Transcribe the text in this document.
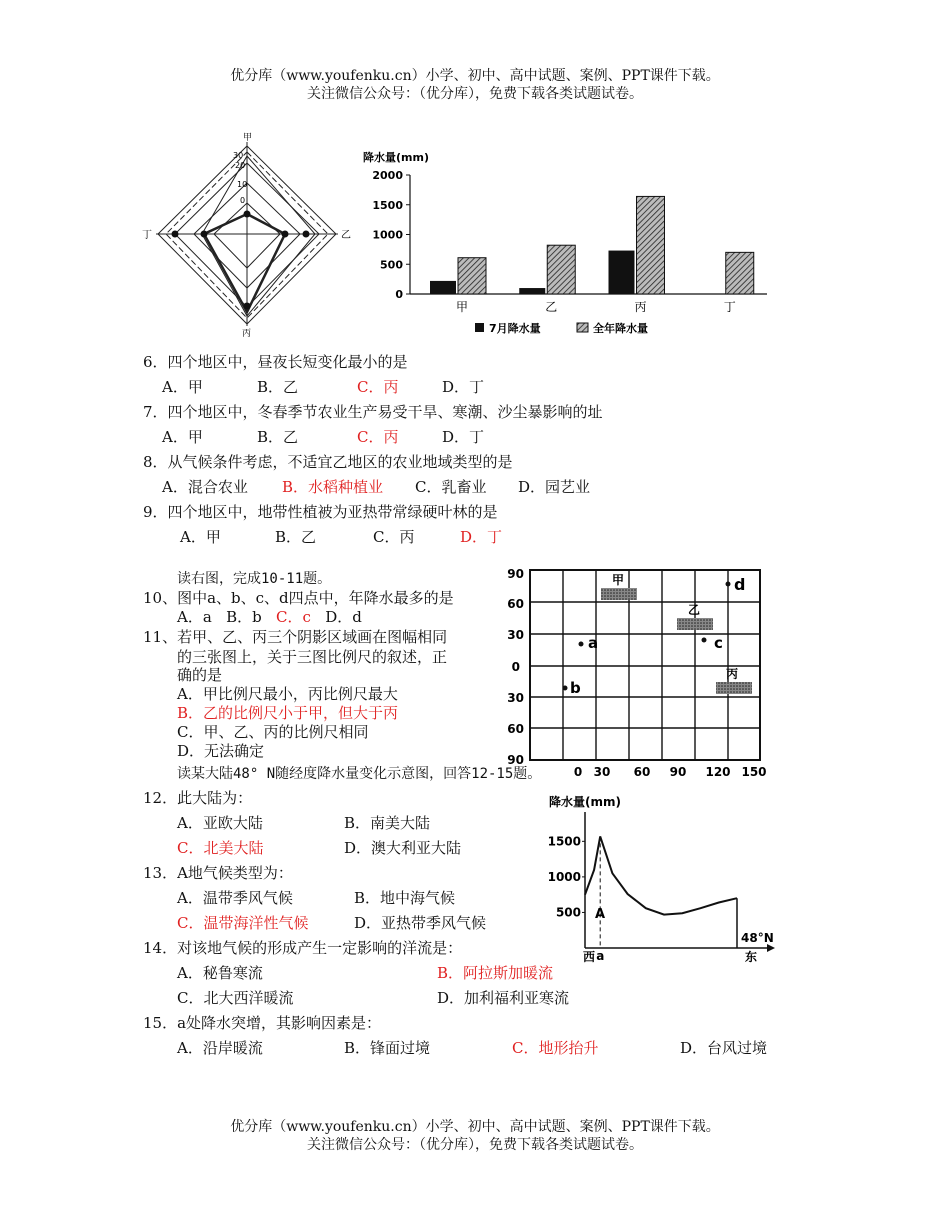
优分库（www.youfenku.cn）小学、初中、高中试题、案例、PPT课件下载。
关注微信公众号：（优分库），免费下载各类试题试卷。
甲
乙
丙
丁
30
20
10
0
降水量(mm)
0
500
1000
1500
2000
甲	乙	丙	丁
7月降水量	全年降水量
6．四个地区中，昼夜长短变化最小的是
A．甲	B．乙	C．丙	D．丁
7．四个地区中，冬春季节农业生产易受干旱、寒潮、沙尘暴影响的址
A．甲	B．乙	C．丙	D．丁
8．从气候条件考虑，不适宜乙地区的农业地域类型的是
A．混合农业 B．水稻种植业 C．乳畜业 D．园艺业
9．四个地区中，地带性植被为亚热带常绿硬叶林的是
A．甲	B．乙	C．丙	D．丁
读右图，完成10-11题。
10、图中a、b、c、d四点中，年降水最多的是
A．a B．b C．c D．d
11、若甲、乙、丙三个阴影区域画在图幅相同
的三张图上，关于三图比例尺的叙述，正
确的是
A．甲比例尺最小，丙比例尺最大
B．乙的比例尺小于甲，但大于丙
C．甲、乙、丙的比例尺相同
D．无法确定
甲
乙
丙
a
b
c
d
90
60
30
0
30
60
90
0 30 60 90 120 150
读某大陆48° N随经度降水量变化示意图，回答12-15题。
12．此大陆为：
A．亚欧大陆	B．南美大陆
C．北美大陆	D．澳大利亚大陆
13．A地气候类型为：
A．温带季风气候	B．地中海气候
C．温带海洋性气候	D．亚热带季风气候
14．对该地气候的形成产生一定影响的洋流是：
A．秘鲁寒流	B．阿拉斯加暖流
C．北大西洋暖流	D．加利福利亚寒流
15．a处降水突增，其影响因素是：
A．沿岸暖流	B．锋面过境	C．地形抬升	D．台风过境
降水量(mm)
500
1000
1500
A
a
48°N
西	东
优分库（www.youfenku.cn）小学、初中、高中试题、案例、PPT课件下载。
关注微信公众号：（优分库），免费下载各类试题试卷。
